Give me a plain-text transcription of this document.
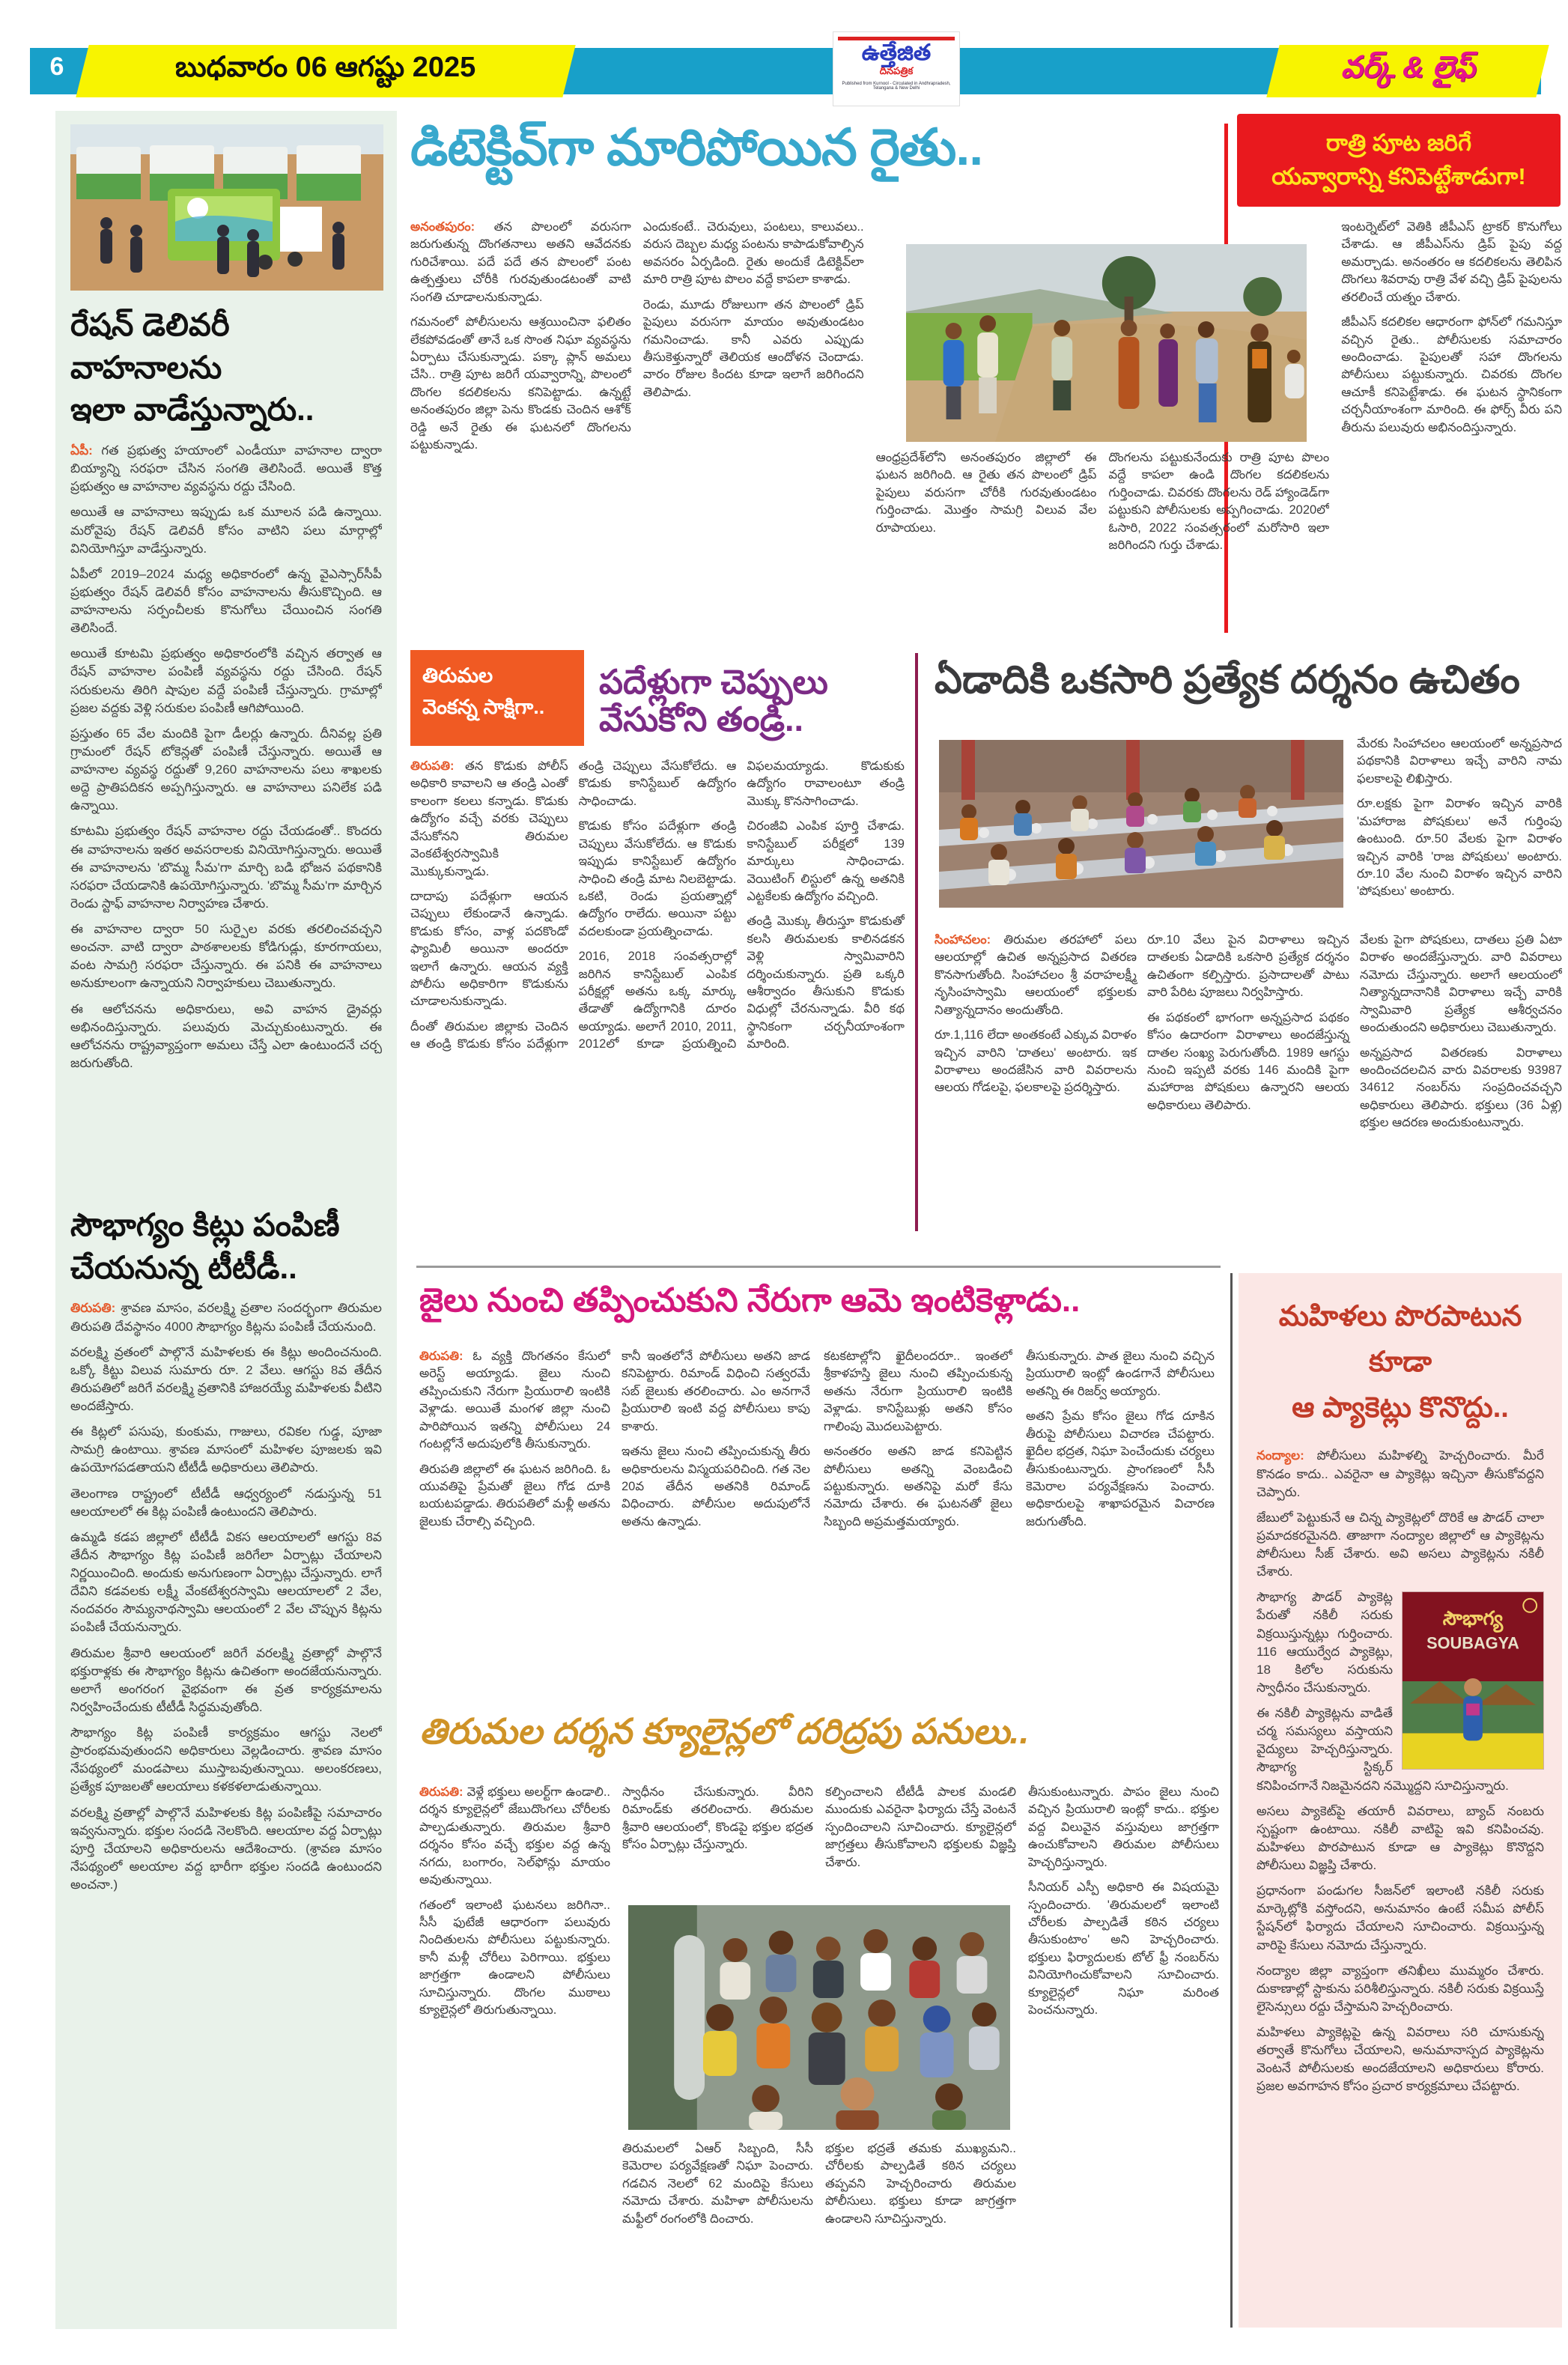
6	బుధవారం 06 ఆగష్టు 2025	ఉత్తేజిత
దినపత్రిక
Published from Kurnool - Circulated in Andhrapradesh, Telangana & New Delhi
వర్క్ & లైఫ్
రేషన్ డెలివరీ వాహనాలను
ఇలా వాడేస్తున్నారు..

ఏపీ: గత ప్రభుత్వ హయాంలో ఎండీయూ వాహనాల ద్వారా బియ్యాన్ని సరఫరా చేసిన సంగతి తెలిసిందే. అయితే కొత్త ప్రభుత్వం ఆ వాహనాల వ్యవస్థను రద్దు చేసింది.

అయితే ఆ వాహనాలు ఇప్పుడు ఒక మూలన పడి ఉన్నాయి. మరోవైపు రేషన్ డెలివరీ కోసం వాటిని పలు మార్గాల్లో వినియోగిస్తూ వాడేస్తున్నారు.

ఏపీలో 2019–2024 మధ్య అధికారంలో ఉన్న వైఎస్సార్‌సీపీ ప్రభుత్వం రేషన్ డెలివరీ కోసం వాహనాలను తీసుకొచ్చింది. ఆ వాహనాలను సర్పంచీలకు కొనుగోలు చేయించిన సంగతి తెలిసిందే.

అయితే కూటమి ప్రభుత్వం అధికారంలోకి వచ్చిన తర్వాత ఆ రేషన్ వాహనాల పంపిణీ వ్యవస్థను రద్దు చేసింది. రేషన్ సరుకులను తిరిగి షాపుల వద్దే పంపిణీ చేస్తున్నారు. గ్రామాల్లో ప్రజల వద్దకు వెళ్లి సరుకుల పంపిణీ ఆగిపోయింది.

ప్రస్తుతం 65 వేల మందికి పైగా డీలర్లు ఉన్నారు. దీనివల్ల ప్రతి గ్రామంలో రేషన్ టోకెన్లతో పంపిణీ చేస్తున్నారు. అయితే ఆ వాహనాల వ్యవస్థ రద్దుతో 9,260 వాహనాలను పలు శాఖలకు అద్దె ప్రాతిపదికన అప్పగిస్తున్నారు. ఆ వాహనాలు పనిలేక పడి ఉన్నాయి.

కూటమి ప్రభుత్వం రేషన్ వాహనాల రద్దు చేయడంతో.. కొందరు ఈ వాహనాలను ఇతర అవసరాలకు వినియోగిస్తున్నారు. అయితే ఈ వాహనాలను 'బొమ్మ సీమ'గా మార్చి బడి భోజన పథకానికి సరఫరా చేయడానికి ఉపయోగిస్తున్నారు. 'బొమ్మ సీమ'గా మార్చిన రెండు స్టాఫ్ వాహనాల నిర్వాహణ చేశారు.

ఈ వాహనాల ద్వారా 50 సుర్పైల వరకు తరలించవచ్చని అంచనా. వాటి ద్వారా పాఠశాలలకు కోడిగుడ్లు, కూరగాయలు, వంట సామగ్రి సరఫరా చేస్తున్నారు. ఈ పనికి ఈ వాహనాలు అనుకూలంగా ఉన్నాయని నిర్వాహకులు చెబుతున్నారు.

ఈ ఆలోచనను అధికారులు, అవి వాహన డ్రైవర్లు అభినందిస్తున్నారు. పలువురు మెచ్చుకుంటున్నారు. ఈ ఆలోచనను రాష్ట్రవ్యాప్తంగా అమలు చేస్తే ఎలా ఉంటుందనే చర్చ జరుగుతోంది.

సౌభాగ్యం కిట్లు పంపిణీ
చేయనున్న టీటీడీ..

తిరుపతి: శ్రావణ మాసం, వరలక్ష్మి వ్రతాల సందర్భంగా తిరుమల తిరుపతి దేవస్థానం 4000 సౌభాగ్యం కిట్లను పంపిణీ చేయనుంది.

వరలక్ష్మి వ్రతంలో పాల్గొనే మహిళలకు ఈ కిట్లు అందించనుంది. ఒక్కో కిట్టు విలువ సుమారు రూ. 2 వేలు. ఆగస్టు 8వ తేదీన తిరుపతిలో జరిగే వరలక్ష్మి వ్రతానికి హాజరయ్యే మహిళలకు వీటిని అందజేస్తారు.

ఈ కిట్లలో పసుపు, కుంకుమ, గాజులు, రవికల గుడ్డ, పూజా సామగ్రి ఉంటాయి. శ్రావణ మాసంలో మహిళల పూజలకు ఇవి ఉపయోగపడతాయని టీటీడీ అధికారులు తెలిపారు.

తెలంగాణ రాష్ట్రంలో టీటీడీ ఆధ్వర్యంలో నడుస్తున్న 51 ఆలయాలలో ఈ కిట్ల పంపిణీ ఉంటుందని తెలిపారు.

ఉమ్మడి కడప జిల్లాలో టీటీడీ వికస ఆలయాలలో ఆగస్టు 8వ తేదీన సౌభాగ్యం కిట్ల పంపిణీ జరిగేలా ఏర్పాట్లు చేయాలని నిర్ణయించింది. అందుకు అనుగుణంగా ఏర్పాట్లు చేస్తున్నారు. లాగే దేవిని కడవలకు లక్ష్మీ వేంకటేశ్వరస్వామి ఆలయాలలో 2 వేల, నందవరం సౌమ్యనాథస్వామి ఆలయంలో 2 వేల చొప్పున కిట్లను పంపిణీ చేయనున్నారు.

తిరుమల శ్రీవారి ఆలయంలో జరిగే వరలక్ష్మి వ్రతాల్లో పాల్గొనే భక్తురాళ్లకు ఈ సౌభాగ్యం కిట్లను ఉచితంగా అందజేయనున్నారు. అలాగే అంగరంగ వైభవంగా ఈ వ్రత కార్యక్రమాలను నిర్వహించేందుకు టీటీడీ సిద్ధమవుతోంది.

సౌభాగ్యం కిట్ల పంపిణీ కార్యక్రమం ఆగస్టు నెలలో ప్రారంభమవుతుందని అధికారులు వెల్లడించారు. శ్రావణ మాసం నేపథ్యంలో మండపాలు ముస్తాబవుతున్నాయి. అలంకరణలు, ప్రత్యేక పూజలతో ఆలయాలు కళకళలాడుతున్నాయి.

వరలక్ష్మి వ్రతాల్లో పాల్గొనే మహిళలకు కిట్ల పంపిణీపై సమాచారం ఇవ్వనున్నారు. భక్తుల సందడి నెలకొంది. ఆలయాల వద్ద ఏర్పాట్లు పూర్తి చేయాలని అధికారులను ఆదేశించారు. (శ్రావణ మాసం నేపథ్యంలో అలయాల వద్ద భారీగా భక్తుల సందడి ఉంటుందని అంచనా.)

డిటెక్టివ్‌గా మారిపోయిన రైతు..	రాత్రి పూట జరిగే
యవ్వారాన్ని కనిపెట్టేశాడుగా!

అనంతపురం: తన పొలంలో వరుసగా జరుగుతున్న దొంగతనాలు అతని ఆవేదనకు గురిచేశాయి. పదే పదే తన పొలంలో పంట ఉత్పత్తులు చోరీకి గురవుతుండటంతో వాటి సంగతి చూడాలనుకున్నాడు.

గమనంలో పోలీసులను ఆశ్రయించినా ఫలితం లేకపోవడంతో తానే ఒక సొంత నిఘా వ్యవస్థను ఏర్పాటు చేసుకున్నాడు. పక్కా ప్లాన్ అమలు చేసి.. రాత్రి పూట జరిగే యవ్వారాన్ని, పొలంలో దొంగల కదలికలను కనిపెట్టాడు. ఉన్నట్టే అనంతపురం జిల్లా పెను కొండకు చెందిన ఆశోక్ రెడ్డి అనే రైతు ఈ ఘటనలో దొంగలను పట్టుకున్నాడు.

ఎందుకంటే.. చెరువులు, పంటలు, కాలువలు.. వరుస దెబ్బల మధ్య పంటను కాపాడుకోవాల్సిన అవసరం ఏర్పడింది. రైతు అందుకే డిటెక్టివ్‌లా మారి రాత్రి పూట పొలం వద్దే కాపలా కాశాడు.

రెండు, మూడు రోజులుగా తన పొలంలో డ్రిప్ పైపులు వరుసగా మాయం అవుతుండటం గమనించాడు. కానీ ఎవరు ఎప్పుడు తీసుకెళ్తున్నారో తెలియక ఆందోళన చెందాడు. వారం రోజుల కిందట కూడా ఇలాగే జరిగిందని తెలిపాడు.

ఆంధ్రప్రదేశ్‌లోని అనంతపురం జిల్లాలో ఈ ఘటన జరిగింది. ఆ రైతు తన పొలంలో డ్రిప్ పైపులు వరుసగా చోరీకి గురవుతుండటం గుర్తించాడు. మొత్తం సామగ్రి విలువ వేల రూపాయలు.

దొంగలను పట్టుకునేందుకు రాత్రి పూట పొలం వద్దే కాపలా ఉండి దొంగల కదలికలను గుర్తించాడు. చివరకు దొంగలను రెడ్ హ్యాండెడ్‌గా పట్టుకుని పోలీసులకు అప్పగించాడు. 2020లో ఓసారి, 2022 సంవత్సరంలో మరోసారి ఇలా జరిగిందని గుర్తు చేశాడు.

ఇంటర్నెట్‌లో వెతికి జీపీఎస్ ట్రాకర్ కొనుగోలు చేశాడు. ఆ జీపీఎస్‌ను డ్రిప్ పైపు వద్ద అమర్చాడు. అనంతరం ఆ కదలికలను తెలిపిన దొంగలు శివరావు రాత్రి వేళ వచ్చి డ్రిప్ పైపులను తరలించే యత్నం చేశారు.

జీపీఎస్ కదలికల ఆధారంగా ఫోన్‌లో గమనిస్తూ వచ్చిన రైతు.. పోలీసులకు సమాచారం అందించాడు. పైపులతో సహా దొంగలను పోలీసులు పట్టుకున్నారు. చివరకు దొంగల ఆచూకీ కనిపెట్టేశాడు. ఈ ఘటన స్థానికంగా చర్చనీయాంశంగా మారింది. ఈ ఫోర్స్ వీరు పని తీరును పలువురు అభినందిస్తున్నారు.

తిరుమల
వెంకన్న సాక్షిగా..
పదేళ్లుగా చెప్పులు వేసుకోని తండ్రి..

తిరుపతి: తన కొడుకు పోలీస్ అధికారి కావాలని ఆ తండ్రి ఎంతో కాలంగా కలలు కన్నాడు. కొడుకు ఉద్యోగం వచ్చే వరకు చెప్పులు వేసుకోనని తిరుమల వెంకటేశ్వరస్వామికి మొక్కుకున్నాడు.

దాదాపు పదేళ్లుగా ఆయన చెప్పులు లేకుండానే ఉన్నాడు. కొడుకు కోసం, వాళ్ల పదకొండో ఫ్యామిలీ అయినా అందరూ ఇలాగే ఉన్నారు. ఆయన వ్యక్తి పోలీసు అధికారిగా కొడుకును చూడాలనుకున్నాడు.

దీంతో తిరుమల జిల్లాకు చెందిన ఆ తండ్రి కొడుకు కోసం పదేళ్లుగా తండ్రి చెప్పులు వేసుకోలేదు. ఆ కొడుకు కానిస్టేబుల్ ఉద్యోగం సాధించాడు.

కొడుకు కోసం పదేళ్లుగా తండ్రి చెప్పులు వేసుకోలేదు. ఆ కొడుకు ఇప్పుడు కానిస్టేబుల్ ఉద్యోగం సాధించి తండ్రి మాట నిలబెట్టాడు. ఒకటి, రెండు ప్రయత్నాల్లో ఉద్యోగం రాలేదు. అయినా పట్టు వదలకుండా ప్రయత్నించాడు.

2016, 2018 సంవత్సరాల్లో జరిగిన కానిస్టేబుల్ ఎంపిక పరీక్షల్లో అతను ఒక్క మార్కు తేడాతో ఉద్యోగానికి దూరం అయ్యాడు. అలాగే 2010, 2011, 2012లో కూడా ప్రయత్నించి విఫలమయ్యాడు. కొడుకుకు ఉద్యోగం రావాలంటూ తండ్రి మొక్కు కొనసాగించాడు.

చిరంజీవి ఎంపిక పూర్తి చేశాడు. కానిస్టేబుల్ పరీక్షలో 139 మార్కులు సాధించాడు. వెయిటింగ్ లిస్టులో ఉన్న అతనికి ఎట్టకేలకు ఉద్యోగం వచ్చింది.

తండ్రి మొక్కు తీరుస్తూ కొడుకుతో కలసి తిరుమలకు కాలినడకన వెళ్లి స్వామివారిని దర్శించుకున్నారు. ప్రతి ఒక్కరి ఆశీర్వాదం తీసుకుని కొడుకు విధుల్లో చేరనున్నాడు. వీరి కథ స్థానికంగా చర్చనీయాంశంగా మారింది.

ఏడాదికి ఒకసారి ప్రత్యేక దర్శనం ఉచితం

మేరకు సింహాచలం ఆలయంలో అన్నప్రసాద పథకానికి విరాళాలు ఇచ్చే వారిని నామ ఫలకాలపై లిఖిస్తారు.

రూ.లక్షకు పైగా విరాళం ఇచ్చిన వారికి 'మహారాజ పోషకులు' అనే గుర్తింపు ఉంటుంది. రూ.50 వేలకు పైగా విరాళం ఇచ్చిన వారికి 'రాజ పోషకులు' అంటారు. రూ.10 వేల నుంచి విరాళం ఇచ్చిన వారిని 'పోషకులు' అంటారు.

సింహాచలం: తిరుమల తరహాలో పలు ఆలయాల్లో ఉచిత అన్నప్రసాద వితరణ కొనసాగుతోంది. సింహాచలం శ్రీ వరాహలక్ష్మీ నృసింహస్వామి ఆలయంలో భక్తులకు నిత్యాన్నదానం అందుతోంది.

రూ.1,116 లేదా అంతకంటే ఎక్కువ విరాళం ఇచ్చిన వారిని 'దాతలు' అంటారు. ఇక విరాళాలు అందజేసిన వారి వివరాలను ఆలయ గోడలపై, ఫలకాలపై ప్రదర్శిస్తారు.

రూ.10 వేలు పైన విరాళాలు ఇచ్చిన దాతలకు ఏడాదికి ఒకసారి ప్రత్యేక దర్శనం ఉచితంగా కల్పిస్తారు. ప్రసాదాలతో పాటు వారి పేరిట పూజలు నిర్వహిస్తారు.

ఈ పథకంలో భాగంగా అన్నప్రసాద పథకం కోసం ఉదారంగా విరాళాలు అందజేస్తున్న దాతల సంఖ్య పెరుగుతోంది. 1989 ఆగస్టు నుంచి ఇప్పటి వరకు 146 మందికి పైగా మహారాజ పోషకులు ఉన్నారని ఆలయ అధికారులు తెలిపారు.

వేలకు పైగా పోషకులు, దాతలు ప్రతి ఏటా విరాళం అందజేస్తున్నారు. వారి వివరాలు నమోదు చేస్తున్నారు. అలాగే ఆలయంలో నిత్యాన్నదానానికి విరాళాలు ఇచ్చే వారికి స్వామివారి ప్రత్యేక ఆశీర్వచనం అందుతుందని అధికారులు చెబుతున్నారు.

అన్నప్రసాద వితరణకు విరాళాలు అందించదలచిన వారు వివరాలకు 93987 34612 నంబర్‌ను సంప్రదించవచ్చని అధికారులు తెలిపారు. భక్తులు (36 ఏళ్ల) భక్తుల ఆదరణ అందుకుంటున్నారు.

జైలు నుంచి తప్పించుకుని నేరుగా ఆమె ఇంటికెళ్లాడు..

తిరుపతి: ఓ వ్యక్తి దొంగతనం కేసులో అరెస్ట్ అయ్యాడు. జైలు నుంచి తప్పించుకుని నేరుగా ప్రియురాలి ఇంటికి వెళ్లాడు. అయితే మంగళ జిల్లా నుంచి పారిపోయిన ఇతన్ని పోలీసులు 24 గంటల్లోనే అదుపులోకి తీసుకున్నారు.

తిరుపతి జిల్లాలో ఈ ఘటన జరిగింది. ఓ యువతిపై ప్రేమతో జైలు గోడ దూకి బయటపడ్డాడు. తిరుపతిలో మళ్లీ అతను జైలుకు చేరాల్సి వచ్చింది.

కానీ ఇంతలోనే పోలీసులు అతని జాడ కనిపెట్టారు. రిమాండ్ విధించి సత్వరమే సబ్ జైలుకు తరలించారు. ఎం అనగానే ప్రియురాలి ఇంటి వద్ద పోలీసులు కాపు కాశారు.

ఇతను జైలు నుంచి తప్పించుకున్న తీరు అధికారులను విస్మయపరిచింది. గత నెల 20వ తేదీన అతనికి రిమాండ్ విధించారు. పోలీసుల అదుపులోనే అతను ఉన్నాడు.

కటకటాల్లోని ఖైదీలందరూ.. ఇంతలో శ్రీకాళహస్తి జైలు నుంచి తప్పించుకున్న అతను నేరుగా ప్రియురాలి ఇంటికి వెళ్లాడు. కానిస్టేబుళ్లు అతని కోసం గాలింపు మొదలుపెట్టారు.

అనంతరం అతని జాడ కనిపెట్టిన పోలీసులు అతన్ని వెంబడించి పట్టుకున్నారు. అతనిపై మరో కేసు నమోదు చేశారు. ఈ ఘటనతో జైలు సిబ్బంది అప్రమత్తమయ్యారు.

తీసుకున్నారు. పాత జైలు నుంచి వచ్చిన ప్రియురాలి ఇంట్లో ఉండగానే పోలీసులు అతన్ని ఈ రిజర్వ్ అయ్యారు.

అతని ప్రేమ కోసం జైలు గోడ దూకిన తీరుపై పోలీసులు విచారణ చేపట్టారు. ఖైదీల భద్రత, నిఘా పెంచేందుకు చర్యలు తీసుకుంటున్నారు. ప్రాంగణంలో సీసీ కెమెరాల పర్యవేక్షణను పెంచారు. అధికారులపై శాఖాపరమైన విచారణ జరుగుతోంది.

తిరుమల దర్శన క్యూలైన్లలో దరిద్రపు పనులు..

తిరుపతి: వెళ్లే భక్తులు అలర్ట్‌గా ఉండాలి.. దర్శన క్యూలైన్లలో జేబుదొంగలు చోరీలకు పాల్పడుతున్నారు. తిరుమల శ్రీవారి దర్శనం కోసం వచ్చే భక్తుల వద్ద ఉన్న నగదు, బంగారం, సెల్‌ఫోన్లు మాయం అవుతున్నాయి.

గతంలో ఇలాంటి ఘటనలు జరిగినా.. సీసీ ఫుటేజీ ఆధారంగా పలువురు నిందితులను పోలీసులు పట్టుకున్నారు. కానీ మళ్లీ చోరీలు పెరిగాయి. భక్తులు జాగ్రత్తగా ఉండాలని పోలీసులు సూచిస్తున్నారు. దొంగల ముఠాలు క్యూలైన్లలో తిరుగుతున్నాయి.

స్వాధీనం చేసుకున్నారు. వీరిని రిమాండ్‌కు తరలించారు. తిరుమల శ్రీవారి ఆలయంలో, కొండపై భక్తుల భద్రత కోసం ఏర్పాట్లు చేస్తున్నారు.

కల్పించాలని టీటీడీ పాలక మండలి ముందుకు ఎవరైనా ఫిర్యాదు చేస్తే వెంటనే స్పందించాలని సూచించారు. క్యూలైన్లలో జాగ్రత్తలు తీసుకోవాలని భక్తులకు విజ్ఞప్తి చేశారు.

తిరుమలలో ఏఆర్ సిబ్బంది, సీసీ కెమెరాల పర్యవేక్షణతో నిఘా పెంచారు. గడచిన నెలలో 62 మందిపై కేసులు నమోదు చేశారు. మహిళా పోలీసులను మఫ్టీలో రంగంలోకి దించారు.

భక్తుల భద్రతే తమకు ముఖ్యమని.. చోరీలకు పాల్పడితే కఠిన చర్యలు తప్పవని హెచ్చరించారు తిరుమల పోలీసులు. భక్తులు కూడా జాగ్రత్తగా ఉండాలని సూచిస్తున్నారు.

తీసుకుంటున్నారు. పాపం జైలు నుంచి వచ్చిన ప్రియురాలి ఇంట్లో కాదు.. భక్తుల వద్ద విలువైన వస్తువులు జాగ్రత్తగా ఉంచుకోవాలని తిరుమల పోలీసులు హెచ్చరిస్తున్నారు.

సీనియర్ ఎస్పీ అధికారి ఈ విషయమై స్పందించారు. 'తిరుమలలో ఇలాంటి చోరీలకు పాల్పడితే కఠిన చర్యలు తీసుకుంటాం' అని హెచ్చరించారు. భక్తులు ఫిర్యాదులకు టోల్ ఫ్రీ నంబర్‌ను వినియోగించుకోవాలని సూచించారు. క్యూలైన్లలో నిఘా మరింత పెంచనున్నారు.

మహిళలు పొరపాటున కూడా
ఆ ప్యాకెట్లు కొనొద్దు..

నంద్యాల: పోలీసులు మహిళల్ని హెచ్చరించారు. మీరే కొనడం కాదు.. ఎవరైనా ఆ ప్యాకెట్లు ఇచ్చినా తీసుకోవద్దని చెప్పారు.

జేబులో పెట్టుకునే ఆ చిన్న ప్యాకెట్లలో దొరికే ఆ పౌడర్ చాలా ప్రమాదకరమైనది. తాజాగా నంద్యాల జిల్లాలో ఆ ప్యాకెట్లను పోలీసులు సీజ్ చేశారు. అవి అసలు ప్యాకెట్లను నకిలీ చేశారు.

సౌభాగ్య
SOUBAGYA

సౌభాగ్య పౌడర్ ప్యాకెట్ల పేరుతో నకిలీ సరుకు విక్రయిస్తున్నట్లు గుర్తించారు. 116 ఆయుర్వేద ప్యాకెట్లు, 18 కిలోల సరుకును స్వాధీనం చేసుకున్నారు.

ఈ నకిలీ ప్యాకెట్లను వాడితే చర్మ సమస్యలు వస్తాయని వైద్యులు హెచ్చరిస్తున్నారు. సౌభాగ్య స్టిక్కర్ కనిపించగానే నిజమైనదని నమ్మొద్దని సూచిస్తున్నారు.

అసలు ప్యాకెట్‌పై తయారీ వివరాలు, బ్యాచ్ నంబరు స్పష్టంగా ఉంటాయి. నకిలీ వాటిపై ఇవి కనిపించవు. మహిళలు పొరపాటున కూడా ఆ ప్యాకెట్లు కొనొద్దని పోలీసులు విజ్ఞప్తి చేశారు.

ప్రధానంగా పండుగల సీజన్‌లో ఇలాంటి నకిలీ సరుకు మార్కెట్లోకి వస్తోందని, అనుమానం ఉంటే సమీప పోలీస్ స్టేషన్‌లో ఫిర్యాదు చేయాలని సూచించారు. విక్రయిస్తున్న వారిపై కేసులు నమోదు చేస్తున్నారు.

నంద్యాల జిల్లా వ్యాప్తంగా తనిఖీలు ముమ్మరం చేశారు. దుకాణాల్లో స్టాకును పరిశీలిస్తున్నారు. నకిలీ సరుకు విక్రయిస్తే లైసెన్సులు రద్దు చేస్తామని హెచ్చరించారు.

మహిళలు ప్యాకెట్లపై ఉన్న వివరాలు సరి చూసుకున్న తర్వాతే కొనుగోలు చేయాలని, అనుమానాస్పద ప్యాకెట్లను వెంటనే పోలీసులకు అందజేయాలని అధికారులు కోరారు. ప్రజల అవగాహన కోసం ప్రచార కార్యక్రమాలు చేపట్టారు.
